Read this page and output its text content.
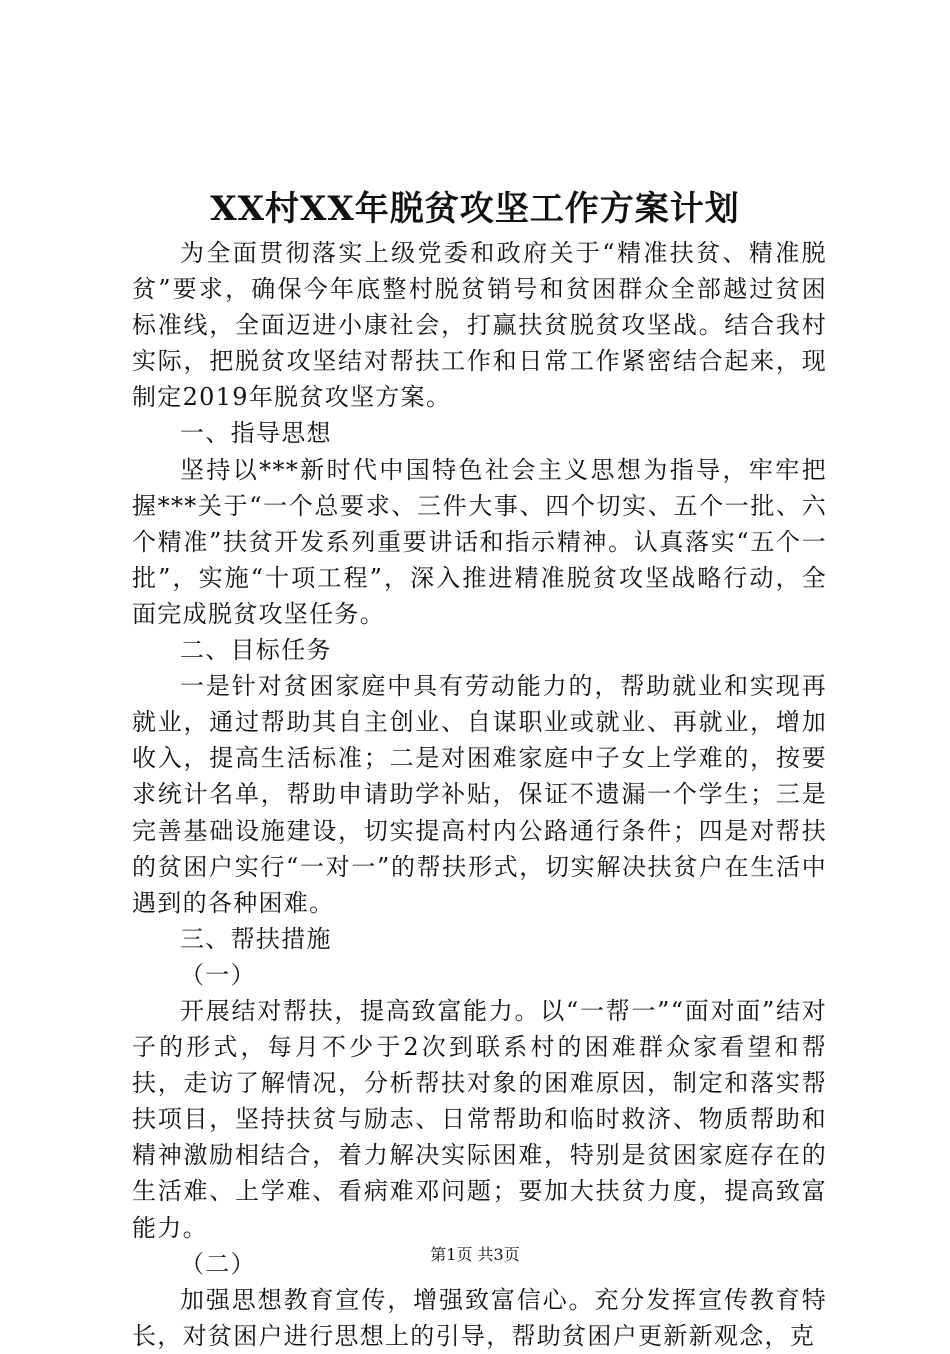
XX村XX年脱贫攻坚工作方案计划

为全面贯彻落实上级党委和政府关于“精准扶贫、精准脱贫”要求，确保今年底整村脱贫销号和贫困群众全部越过贫困标准线，全面迈进小康社会，打赢扶贫脱贫攻坚战。结合我村实际，把脱贫攻坚结对帮扶工作和日常工作紧密结合起来，现制定2019年脱贫攻坚方案。

一、指导思想

坚持以***新时代中国特色社会主义思想为指导，牢牢把握***关于“一个总要求、三件大事、四个切实、五个一批、六个精准”扶贫开发系列重要讲话和指示精神。认真落实“五个一批”，实施“十项工程”，深入推进精准脱贫攻坚战略行动，全面完成脱贫攻坚任务。

二、目标任务

一是针对贫困家庭中具有劳动能力的，帮助就业和实现再就业，通过帮助其自主创业、自谋职业或就业、再就业，增加收入，提高生活标准；二是对困难家庭中子女上学难的，按要求统计名单，帮助申请助学补贴，保证不遗漏一个学生；三是完善基础设施建设，切实提高村内公路通行条件；四是对帮扶的贫困户实行“一对一”的帮扶形式，切实解决扶贫户在生活中遇到的各种困难。

三、帮扶措施

（一）

开展结对帮扶，提高致富能力。以“一帮一”“面对面”结对子的形式，每月不少于2次到联系村的困难群众家看望和帮扶，走访了解情况，分析帮扶对象的困难原因，制定和落实帮扶项目，坚持扶贫与励志、日常帮助和临时救济、物质帮助和精神激励相结合，着力解决实际困难，特别是贫困家庭存在的生活难、上学难、看病难邓问题；要加大扶贫力度，提高致富能力。

（二）

加强思想教育宣传，增强致富信心。充分发挥宣传教育特长，对贫困户进行思想上的引导，帮助贫困户更新新观念，克

第1页 共3页
